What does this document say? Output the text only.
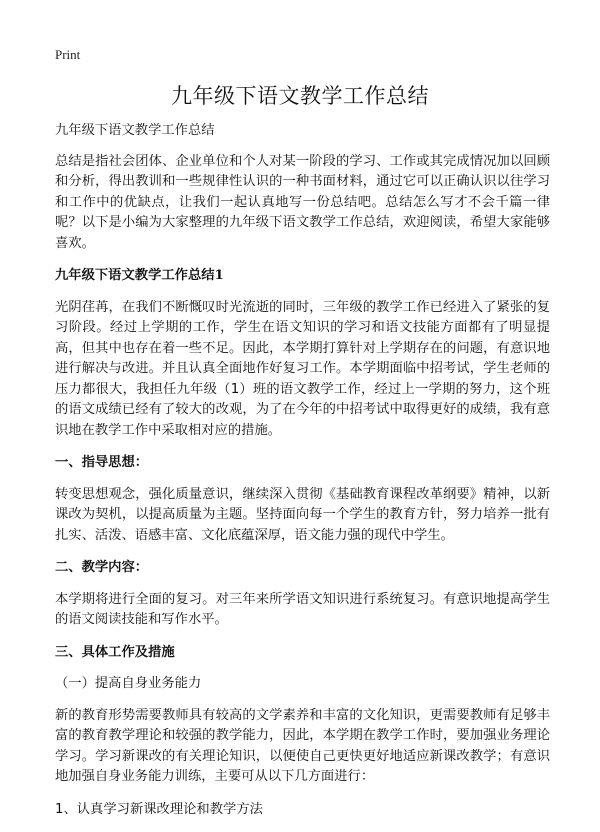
Print
九年级下语文教学工作总结

九年级下语文教学工作总结

总结是指社会团体、企业单位和个人对某一阶段的学习、工作或其完成情况加以回顾和分析，得出教训和一些规律性认识的一种书面材料，通过它可以正确认识以往学习和工作中的优缺点，让我们一起认真地写一份总结吧。总结怎么写才不会千篇一律呢？以下是小编为大家整理的九年级下语文教学工作总结，欢迎阅读，希望大家能够喜欢。

九年级下语文教学工作总结1

光阴荏苒，在我们不断慨叹时光流逝的同时，三年级的教学工作已经进入了紧张的复习阶段。经过上学期的工作，学生在语文知识的学习和语文技能方面都有了明显提高，但其中也存在着一些不足。因此，本学期打算针对上学期存在的问题，有意识地进行解决与改进。并且认真全面地作好复习工作。本学期面临中招考试，学生老师的压力都很大，我担任九年级（1）班的语文教学工作，经过上一学期的努力，这个班的语文成绩已经有了较大的改观，为了在今年的中招考试中取得更好的成绩，我有意识地在教学工作中采取相对应的措施。

一、指导思想：

转变思想观念，强化质量意识，继续深入贯彻《基础教育课程改革纲要》精神，以新课改为契机，以提高质量为主题。坚持面向每一个学生的教育方针，努力培养一批有扎实、活泼、语感丰富、文化底蕴深厚，语文能力强的现代中学生。

二、教学内容：

本学期将进行全面的复习。对三年来所学语文知识进行系统复习。有意识地提高学生的语文阅读技能和写作水平。

三、具体工作及措施

（一）提高自身业务能力

新的教育形势需要教师具有较高的文学素养和丰富的文化知识，更需要教师有足够丰富的教育教学理论和较强的教学能力，因此，本学期在教学工作时，要加强业务理论学习。学习新课改的有关理论知识，以便使自己更快更好地适应新课改教学；有意识地加强自身业务能力训练，主要可从以下几方面进行：

1、认真学习新课改理论和教学方法
